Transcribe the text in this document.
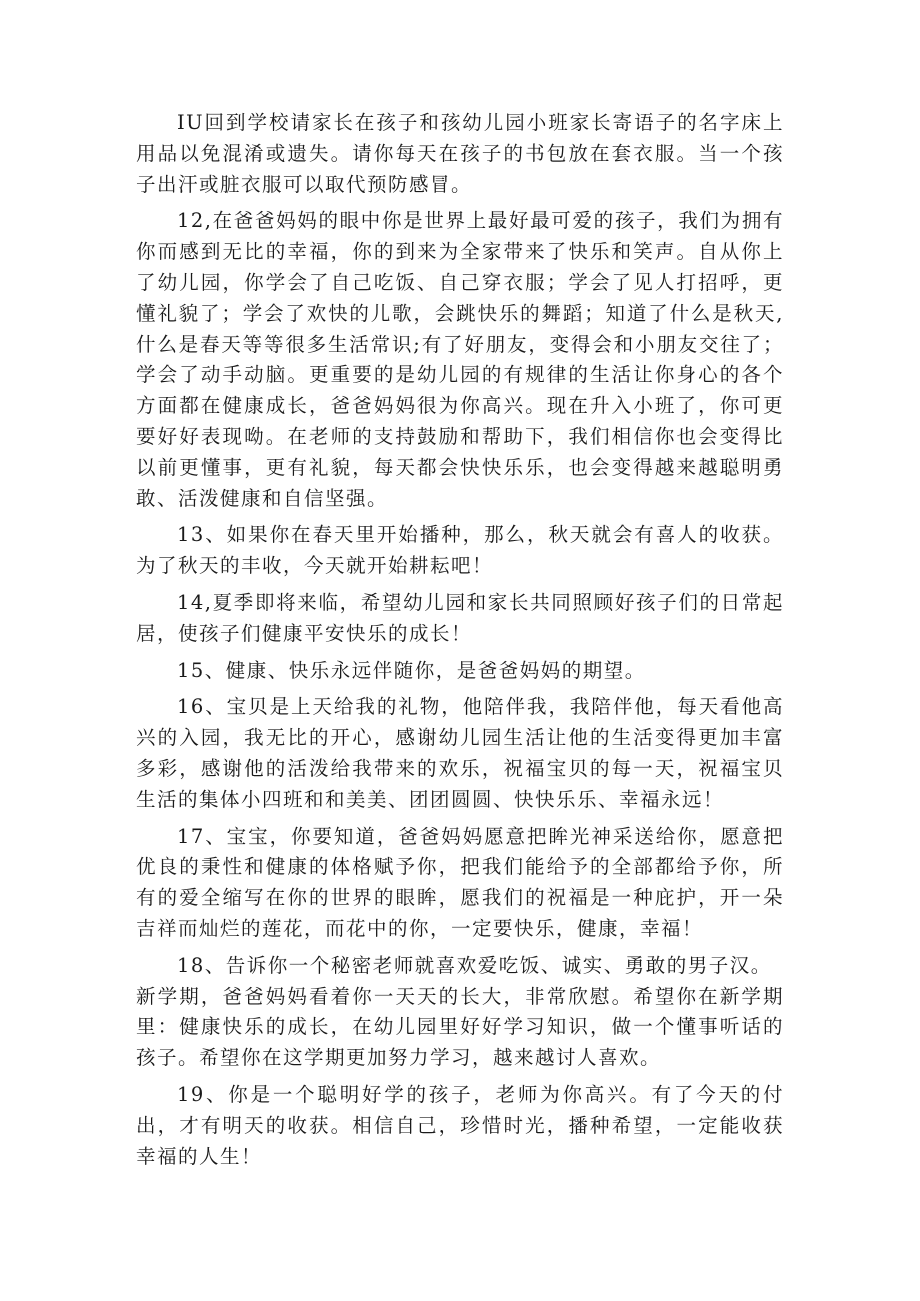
IU回到学校请家长在孩子和孩幼儿园小班家长寄语子的名字床上用品以免混淆或遗失。请你每天在孩子的书包放在套衣服。当一个孩子出汗或脏衣服可以取代预防感冒。

12,在爸爸妈妈的眼中你是世界上最好最可爱的孩子，我们为拥有你而感到无比的幸福，你的到来为全家带来了快乐和笑声。自从你上了幼儿园，你学会了自己吃饭、自己穿衣服；学会了见人打招呼，更懂礼貌了；学会了欢快的儿歌，会跳快乐的舞蹈；知道了什么是秋天,什么是春天等等很多生活常识;有了好朋友，变得会和小朋友交往了；学会了动手动脑。更重要的是幼儿园的有规律的生活让你身心的各个方面都在健康成长，爸爸妈妈很为你高兴。现在升入小班了，你可更要好好表现呦。在老师的支持鼓励和帮助下，我们相信你也会变得比以前更懂事，更有礼貌，每天都会快快乐乐，也会变得越来越聪明勇敢、活泼健康和自信坚强。

13、如果你在春天里开始播种，那么，秋天就会有喜人的收获。为了秋天的丰收，今天就开始耕耘吧！

14,夏季即将来临，希望幼儿园和家长共同照顾好孩子们的日常起居，使孩子们健康平安快乐的成长！

15、健康、快乐永远伴随你，是爸爸妈妈的期望。

16、宝贝是上天给我的礼物，他陪伴我，我陪伴他，每天看他高兴的入园，我无比的开心，感谢幼儿园生活让他的生活变得更加丰富多彩，感谢他的活泼给我带来的欢乐，祝福宝贝的每一天，祝福宝贝生活的集体小四班和和美美、团团圆圆、快快乐乐、幸福永远！

17、宝宝，你要知道，爸爸妈妈愿意把眸光神采送给你，愿意把优良的秉性和健康的体格赋予你，把我们能给予的全部都给予你，所有的爱全缩写在你的世界的眼眸，愿我们的祝福是一种庇护，开一朵吉祥而灿烂的莲花，而花中的你，一定要快乐，健康，幸福！

18、告诉你一个秘密老师就喜欢爱吃饭、诚实、勇敢的男子汉。

新学期，爸爸妈妈看着你一天天的长大，非常欣慰。希望你在新学期里：健康快乐的成长，在幼儿园里好好学习知识，做一个懂事听话的孩子。希望你在这学期更加努力学习，越来越讨人喜欢。

19、你是一个聪明好学的孩子，老师为你高兴。有了今天的付出，才有明天的收获。相信自己，珍惜时光，播种希望，一定能收获幸福的人生！
